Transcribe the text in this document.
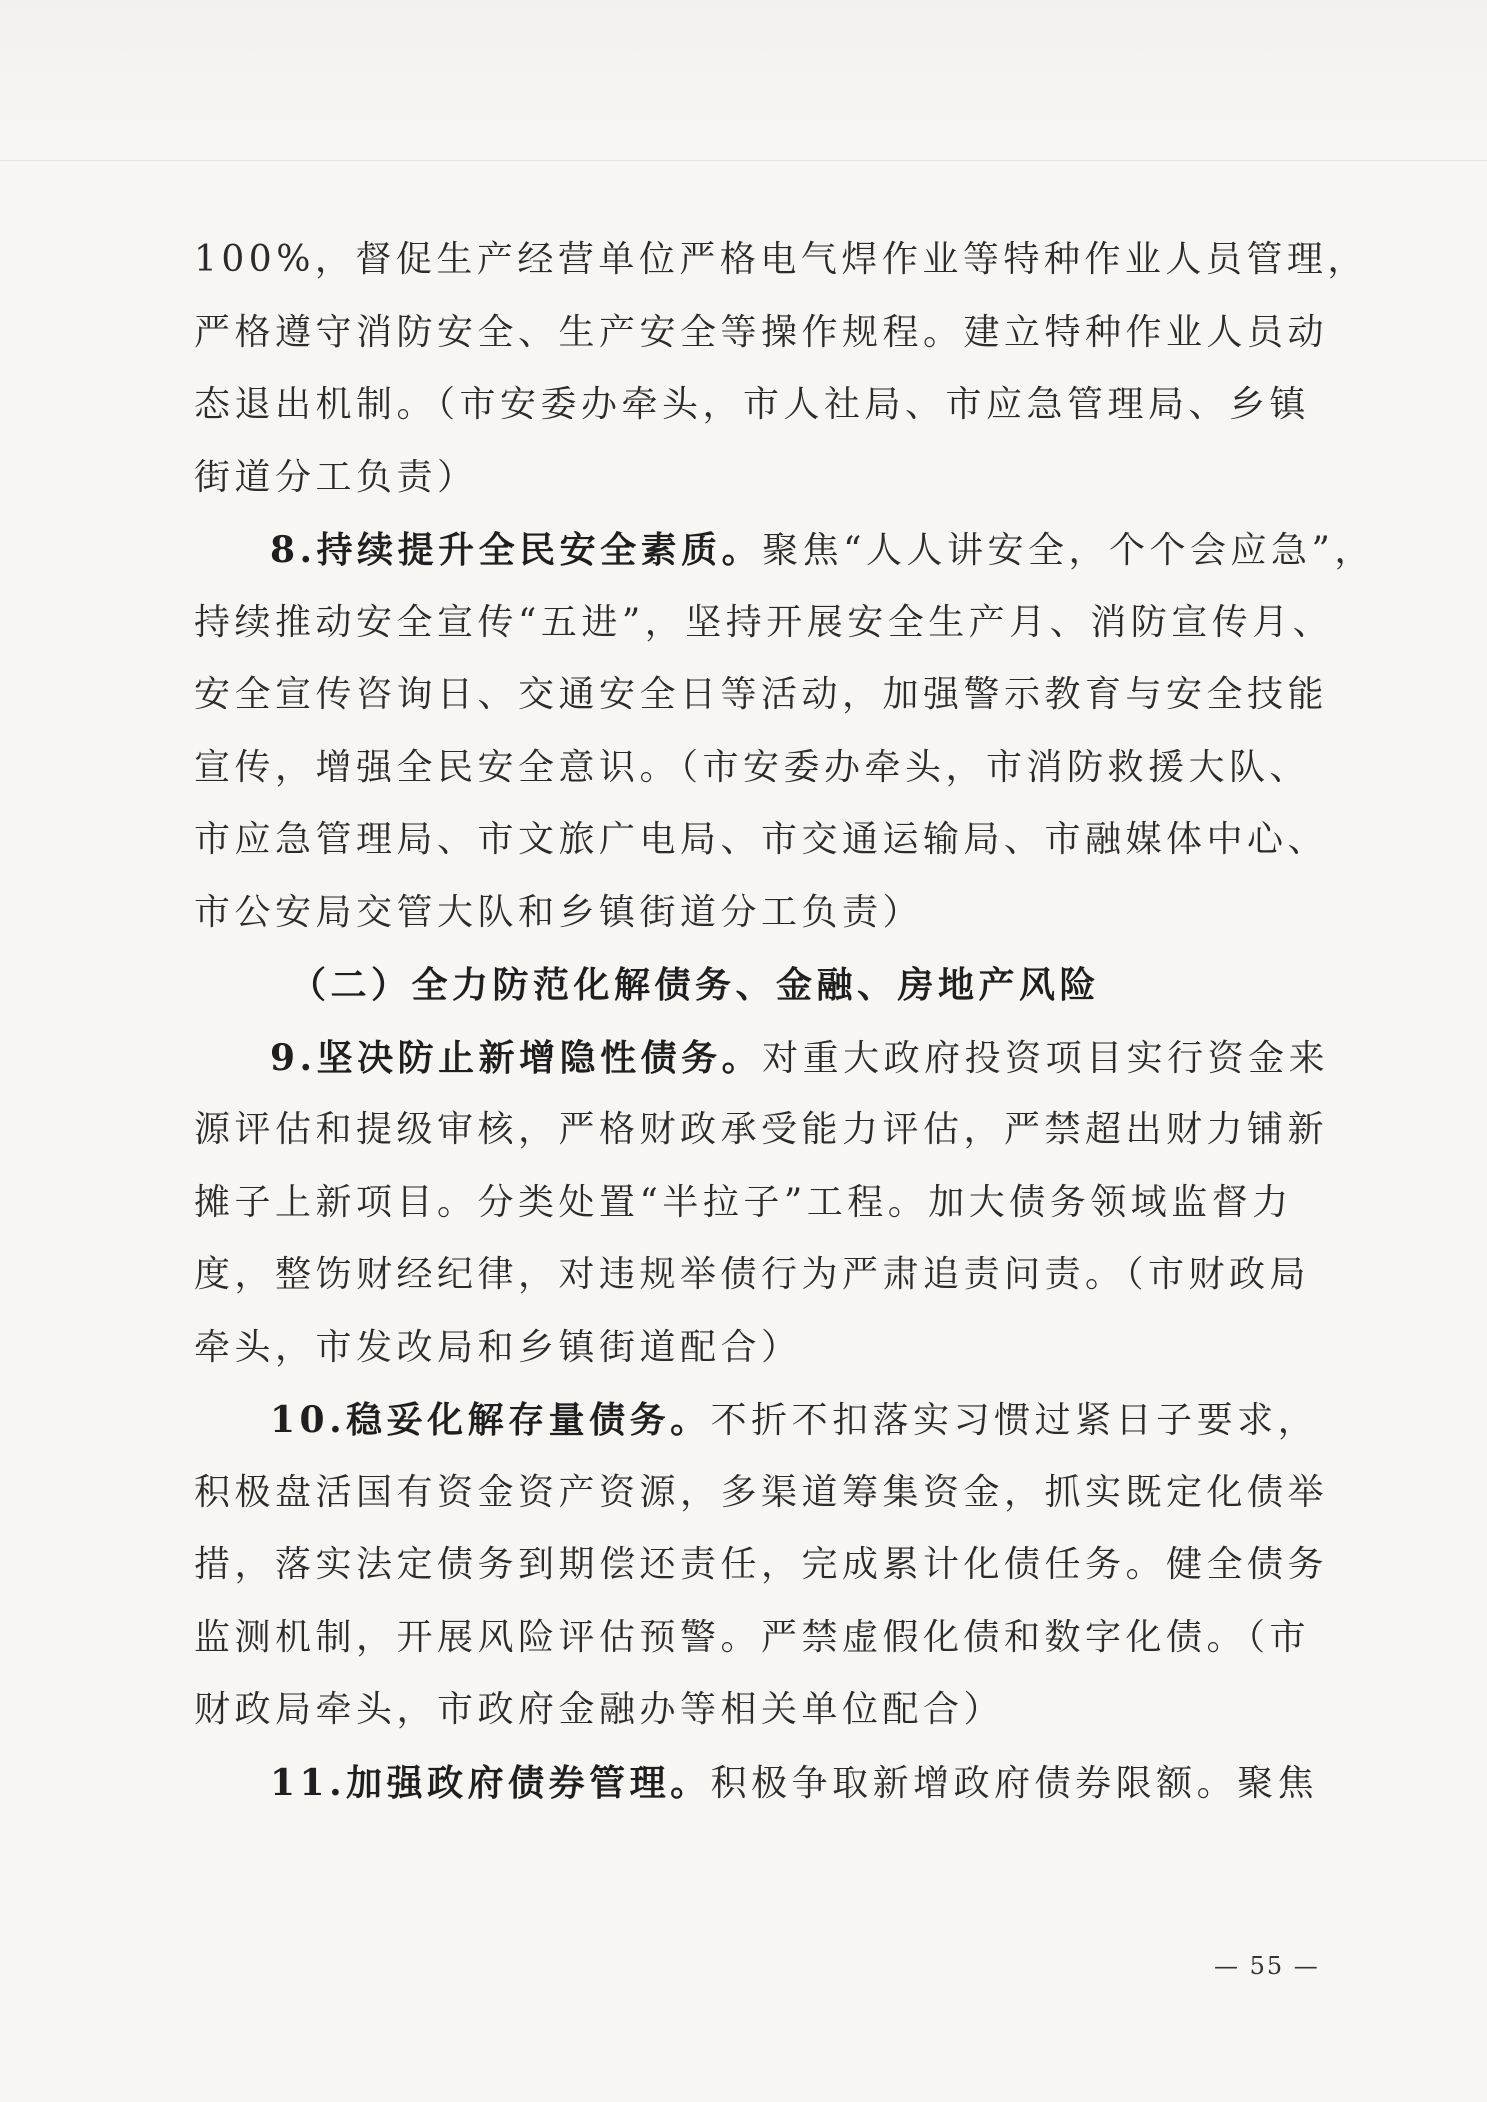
100%，督促生产经营单位严格电气焊作业等特种作业人员管理，
严格遵守消防安全、生产安全等操作规程。建立特种作业人员动
态退出机制。（市安委办牵头，市人社局、市应急管理局、乡镇
街道分工负责）
8.持续提升全民安全素质。聚焦“人人讲安全，个个会应急”，
持续推动安全宣传“五进”，坚持开展安全生产月、消防宣传月、
安全宣传咨询日、交通安全日等活动，加强警示教育与安全技能
宣传，增强全民安全意识。（市安委办牵头，市消防救援大队、
市应急管理局、市文旅广电局、市交通运输局、市融媒体中心、
市公安局交管大队和乡镇街道分工负责）
（二）全力防范化解债务、金融、房地产风险
9.坚决防止新增隐性债务。对重大政府投资项目实行资金来
源评估和提级审核，严格财政承受能力评估，严禁超出财力铺新
摊子上新项目。分类处置“半拉子”工程。加大债务领域监督力
度，整饬财经纪律，对违规举债行为严肃追责问责。（市财政局
牵头，市发改局和乡镇街道配合）
10.稳妥化解存量债务。不折不扣落实习惯过紧日子要求，
积极盘活国有资金资产资源，多渠道筹集资金，抓实既定化债举
措，落实法定债务到期偿还责任，完成累计化债任务。健全债务
监测机制，开展风险评估预警。严禁虚假化债和数字化债。（市
财政局牵头，市政府金融办等相关单位配合）
11.加强政府债券管理。积极争取新增政府债券限额。聚焦
— 55 —
